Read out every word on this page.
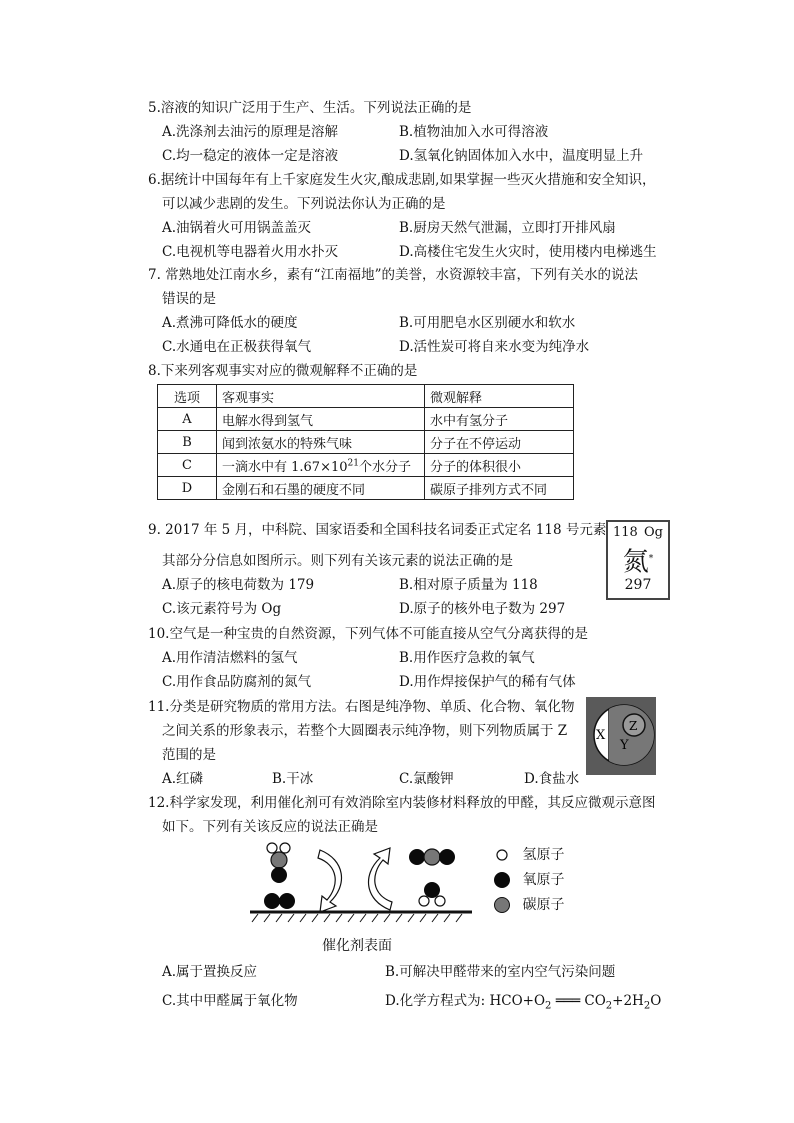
5.溶液的知识广泛用于生产、生活。下列说法正确的是
A.洗涤剂去油污的原理是溶解	B.植物油加入水可得溶液
C.均一稳定的液体一定是溶液	D.氢氧化钠固体加入水中，温度明显上升
6.据统计中国每年有上千家庭发生火灾,酿成悲剧,如果掌握一些灭火措施和安全知识，
可以减少悲剧的发生。下列说法你认为正确的是
A.油锅着火可用锅盖盖灭	B.厨房天然气泄漏，立即打开排风扇
C.电视机等电器着火用水扑灭	D.高楼住宅发生火灾时，使用楼内电梯逃生
7. 常熟地处江南水乡，素有“江南福地”的美誉，水资源较丰富，下列有关水的说法
错误的是
A.煮沸可降低水的硬度	B.可用肥皂水区别硬水和软水
C.水通电在正极获得氧气	D.活性炭可将自来水变为纯净水
8.下来列客观事实对应的微观解释不正确的是
选项	客观事实	微观解释
A	电解水得到氢气	水中有氢分子
B	闻到浓氨水的特殊气味	分子在不停运动
C	一滴水中有 $1.67\times 10^{21}$个水分子	分子的体积很小
D	金刚石和石墨的硬度不同	碳原子排列方式不同
9. 2017 年 5 月，中科院、国家语委和全国科技名词委正式定名 118 号元素
其部分分信息如图所示。则下列有关该元素的说法正确的是
A.原子的核电荷数为 179	B.相对原子质量为 118
C.该元素符号为 Og	D.原子的核外电子数为 297
118 Og
氮*
297
10.空气是一种宝贵的自然资源，下列气体不可能直接从空气分离获得的是
A.用作清洁燃料的氢气	B.用作医疗急救的氧气
C.用作食品防腐剂的氮气	D.用作焊接保护气的稀有气体
11.分类是研究物质的常用方法。右图是纯净物、单质、化合物、氧化物
之间关系的形象表示，若整个大圆圈表示纯净物，则下列物质属于 Z
范围的是
A.红磷	B.干冰	C.氯酸钾	D.食盐水
X
Y
Z
12.科学家发现，利用催化剂可有效消除室内装修材料释放的甲醛，其反应微观示意图
如下。下列有关该反应的说法正确是
氢原子
氧原子
碳原子
催化剂表面
A.属于置换反应	B.可解决甲醛带来的室内空气污染问题
C.其中甲醛属于氧化物	D.化学方程式为: $HCO+O_2$ ═══ $CO_2+2H_2O$
